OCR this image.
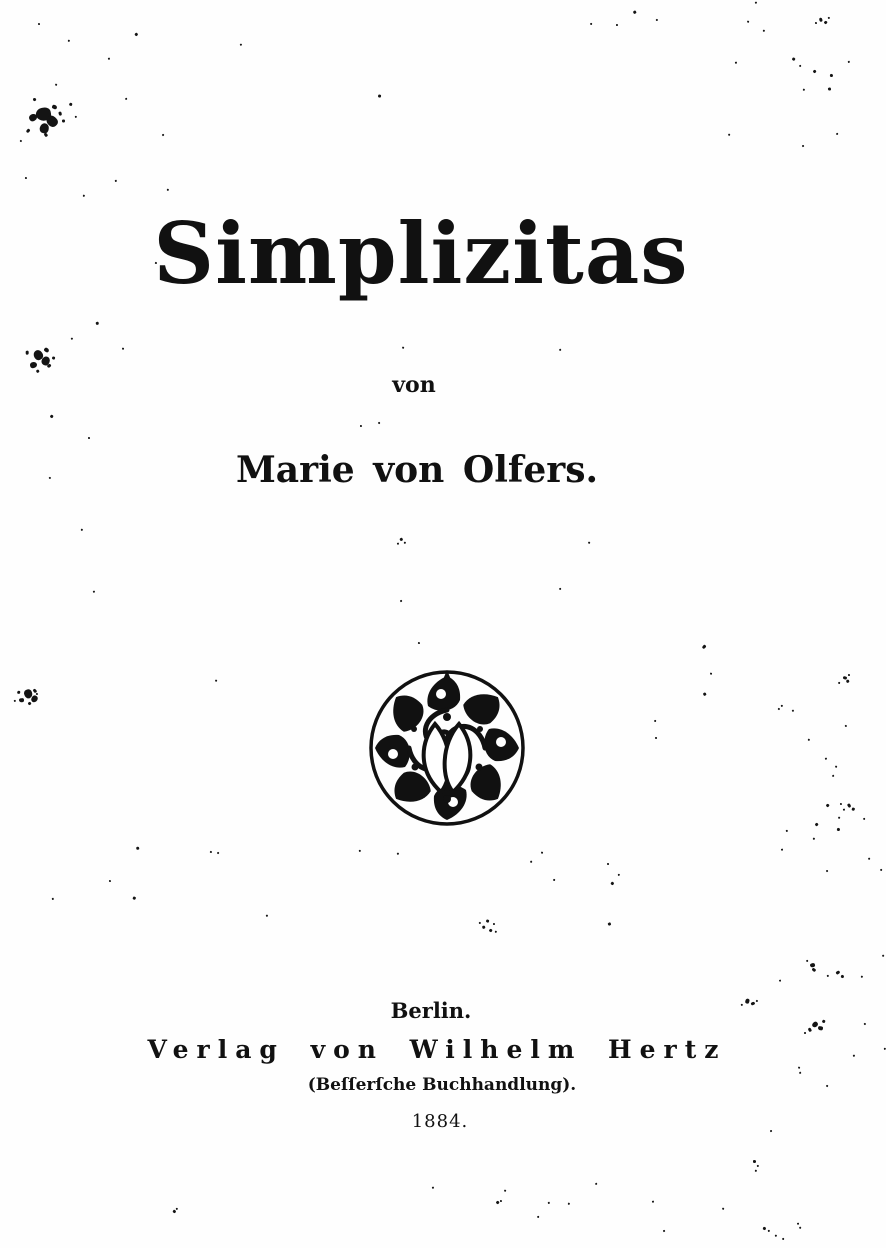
Simplizitas
von
Marie von Olfers.
Berlin.
Verlag von Wilhelm Hertz
(Beſſerſche Buchhandlung).
1884.
